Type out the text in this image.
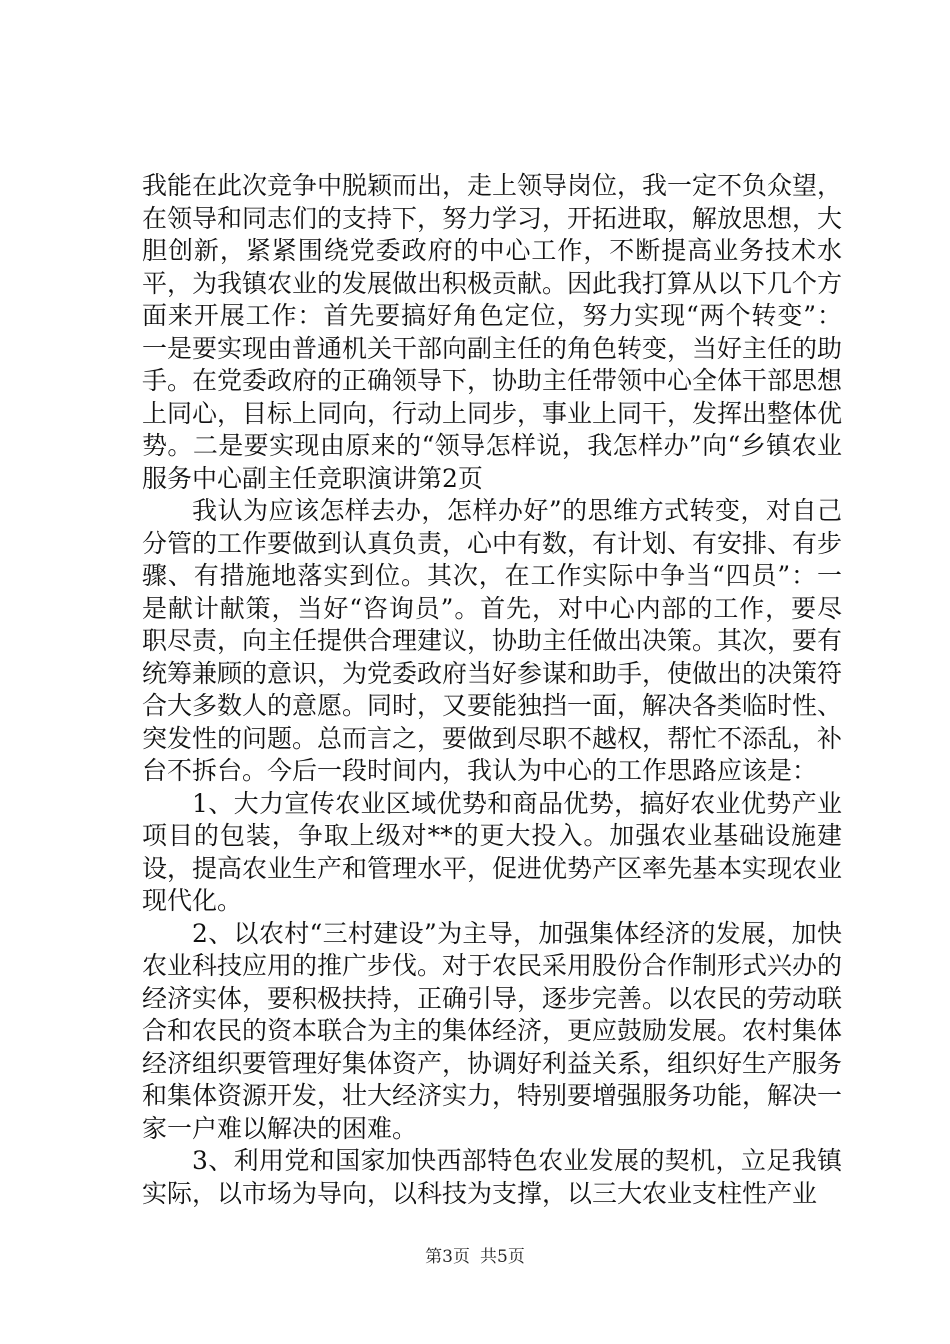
我能在此次竞争中脱颖而出，走上领导岗位，我一定不负众望，在领导和同志们的支持下，努力学习，开拓进取，解放思想，大胆创新，紧紧围绕党委政府的中心工作，不断提高业务技术水平，为我镇农业的发展做出积极贡献。因此我打算从以下几个方面来开展工作：首先要搞好角色定位，努力实现“两个转变”：一是要实现由普通机关干部向副主任的角色转变，当好主任的助手。在党委政府的正确领导下，协助主任带领中心全体干部思想上同心，目标上同向，行动上同步，事业上同干，发挥出整体优势。二是要实现由原来的“领导怎样说，我怎样办”向“乡镇农业服务中心副主任竞职演讲第2页

我认为应该怎样去办，怎样办好”的思维方式转变，对自己分管的工作要做到认真负责，心中有数，有计划、有安排、有步骤、有措施地落实到位。其次，在工作实际中争当“四员”：一是献计献策，当好“咨询员”。首先，对中心内部的工作，要尽职尽责，向主任提供合理建议，协助主任做出决策。其次，要有统筹兼顾的意识，为党委政府当好参谋和助手，使做出的决策符合大多数人的意愿。同时，又要能独挡一面，解决各类临时性、突发性的问题。总而言之，要做到尽职不越权，帮忙不添乱，补台不拆台。今后一段时间内，我认为中心的工作思路应该是：

1、大力宣传农业区域优势和商品优势，搞好农业优势产业项目的包装，争取上级对**的更大投入。加强农业基础设施建设，提高农业生产和管理水平，促进优势产区率先基本实现农业现代化。

2、以农村“三村建设”为主导，加强集体经济的发展，加快农业科技应用的推广步伐。对于农民采用股份合作制形式兴办的经济实体，要积极扶持，正确引导，逐步完善。以农民的劳动联合和农民的资本联合为主的集体经济，更应鼓励发展。农村集体经济组织要管理好集体资产，协调好利益关系，组织好生产服务和集体资源开发，壮大经济实力，特别要增强服务功能，解决一家一户难以解决的困难。

3、利用党和国家加快西部特色农业发展的契机，立足我镇实际，以市场为导向，以科技为支撑，以三大农业支柱性产业

第3页 共5页
